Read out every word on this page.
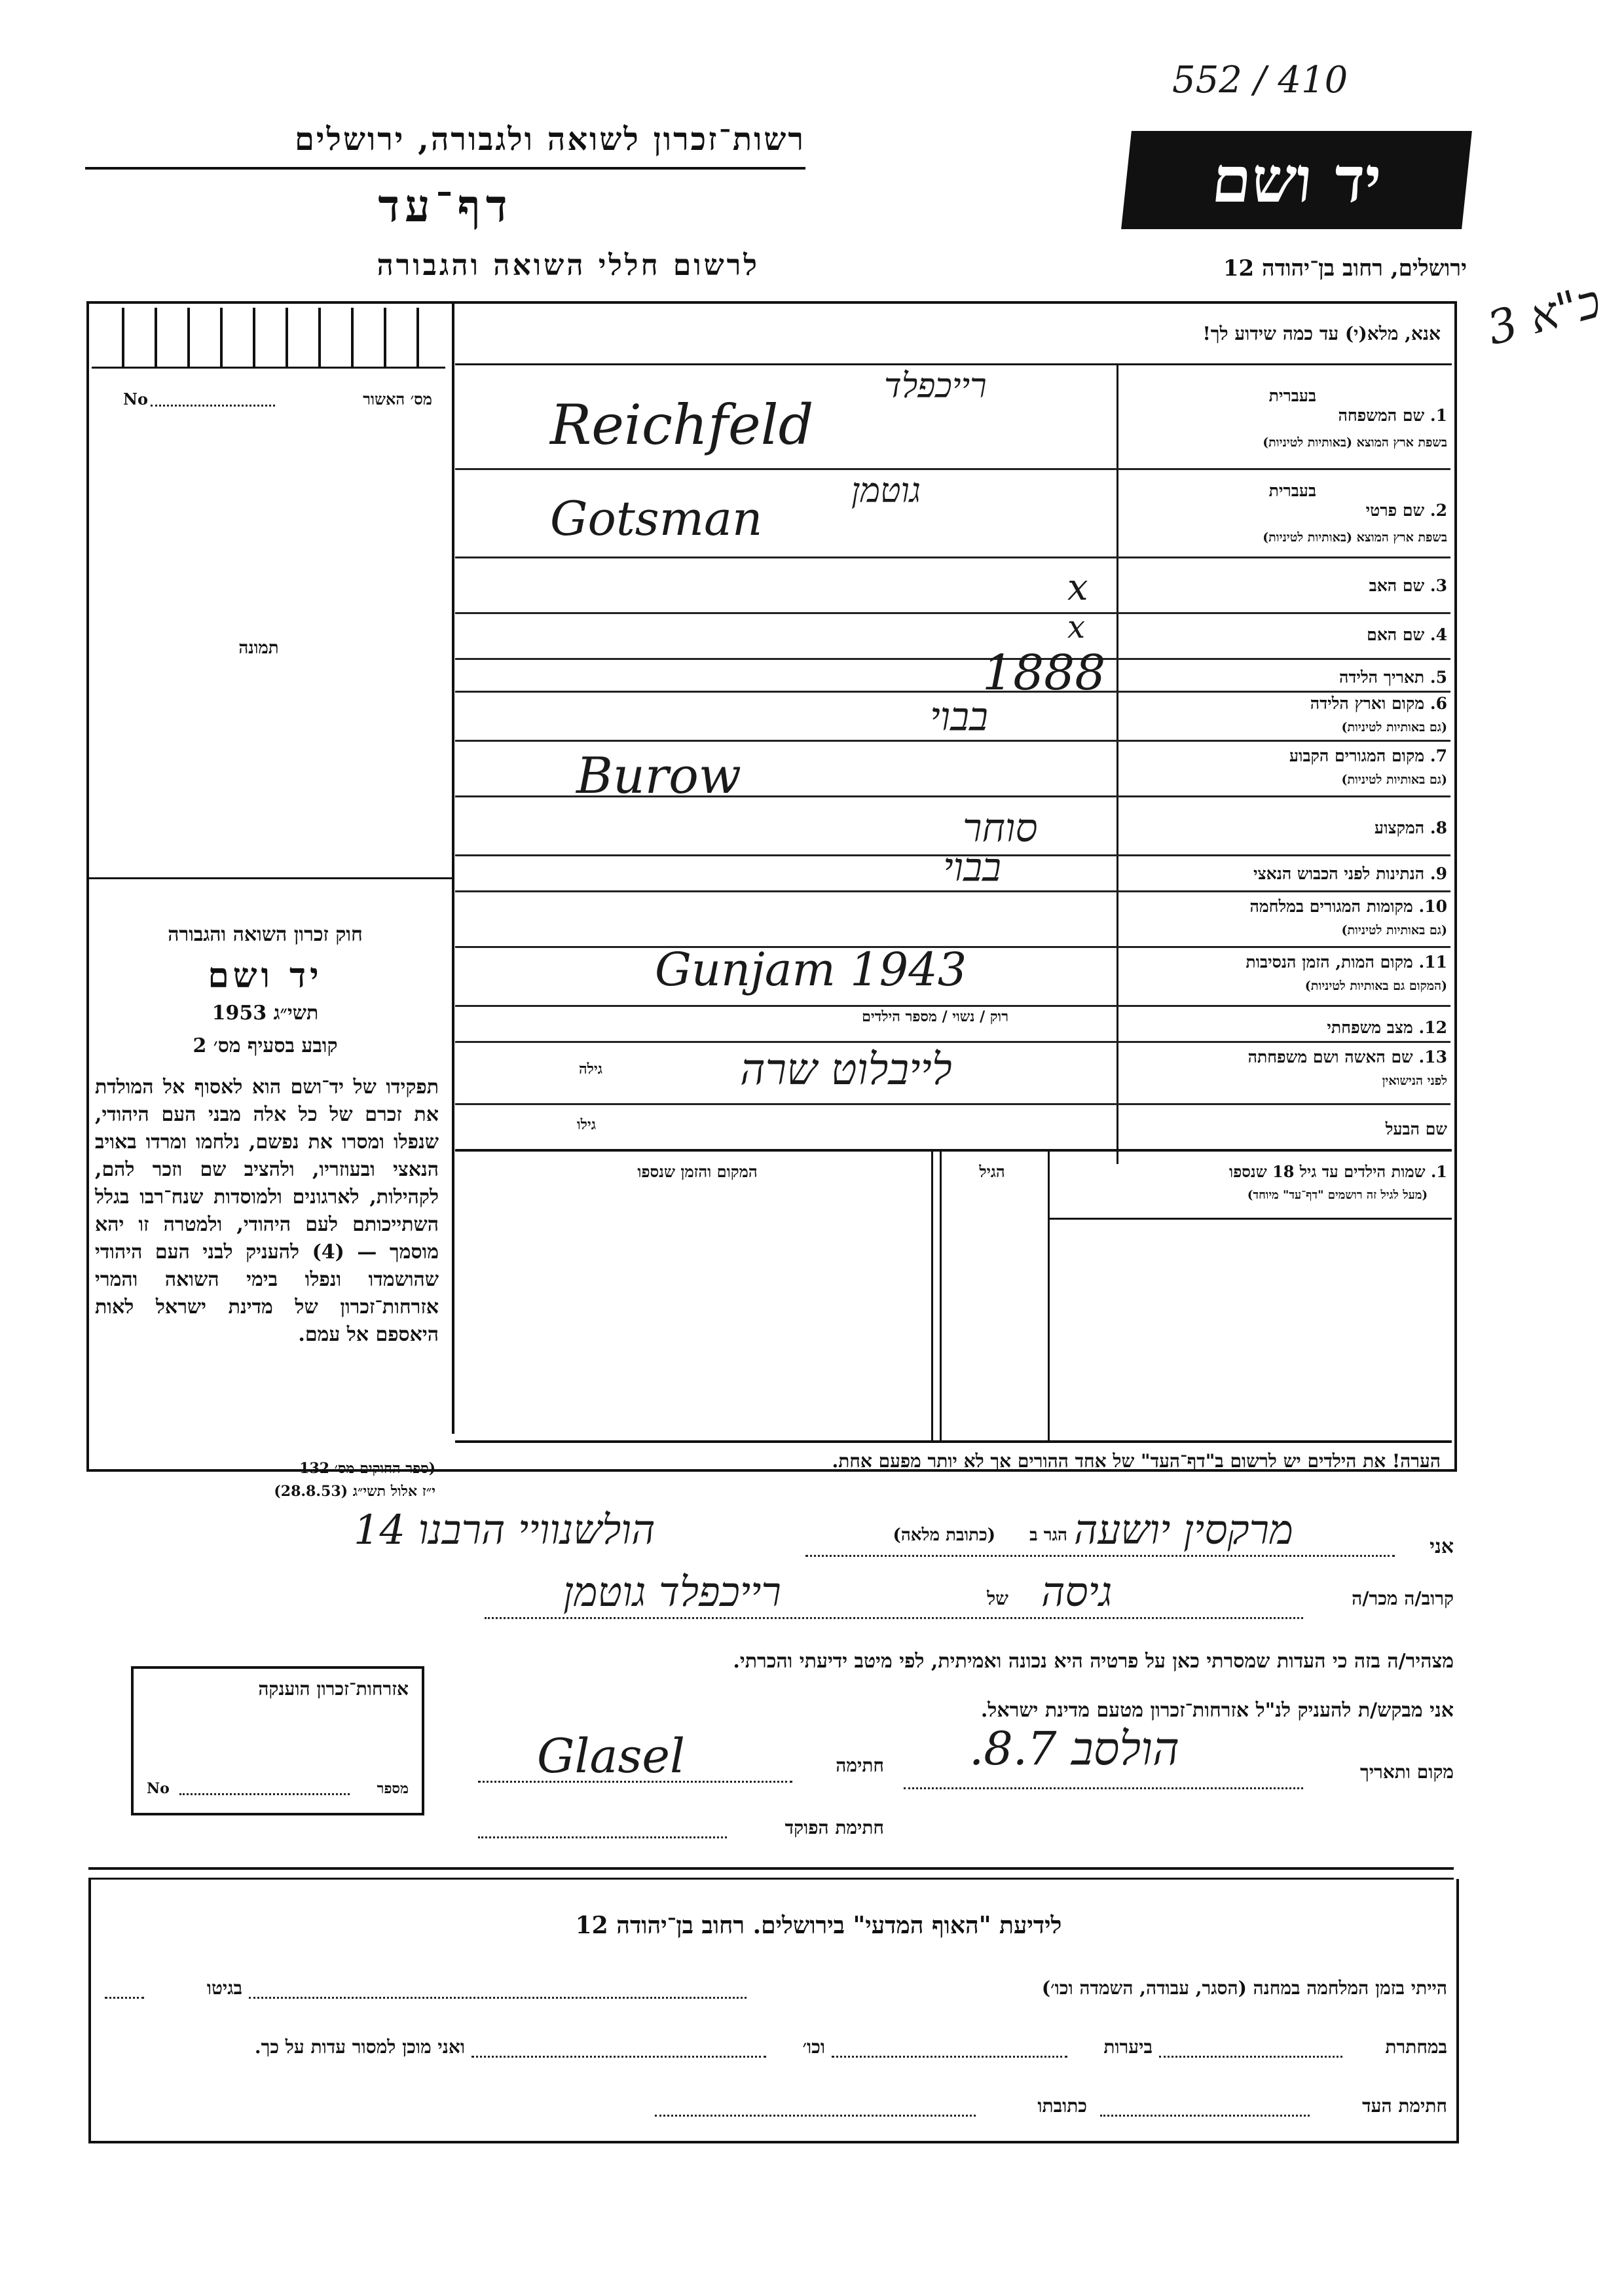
552 / 410
רשות־זכרון לשואה ולגבורה, ירושלים
דף־עד
לרשום חללי השואה והגבורה
יד ושם
ירושלים, רחוב בן־יהודה 12
כ"א 3
מס׳ האשור
No
תמונה
אנא, מלא(י) עד כמה שידוע לך!
1. שם המשפחה
בשפת ארץ המוצא (באותיות לטיניות)
בעברית
רייכפלד
Reichfeld
2. שם פרטי
בשפת ארץ המוצא (באותיות לטיניות)
בעברית
גוטמן
Gotsman
3. שם האב
x
4. שם האם
x
5. תאריך הלידה
1888
6. מקום וארץ הלידה
(גם באותיות לטיניות)
בבוי
7. מקום המגורים הקבוע
(גם באותיות לטיניות)
Burow
8. המקצוע
סוחר
9. הנתינות לפני הכבוש הנאצי
בבוי
10. מקומות המגורים במלחמה
(גם באותיות לטיניות)
11. מקום המות, הזמן הנסיבות
(המקום גם באותיות לטיניות)
Gunjam 1943
12. מצב משפחתי
רוק / נשוי / מספר הילדים
13. שם האשה ושם משפחתה
לפני הנישואין
גילה	לייבלוט שרה
שם הבעל
גילו
1. שמות הילדים עד גיל 18 שנספו
(מעל לגיל זה רושמים "דף־עד" מיוחד)
הגיל
המקום והזמן שנספו
חוק זכרון השואה והגבורה
יד ושם
תשי״ג 1953
קובע בסעיף מס׳ 2
תפקידו של יד־ושם הוא לאסוף אל המולדת את זכרם של כל אלה מבני העם היהודי, שנפלו ומסרו את נפשם, נלחמו ומרדו באויב הנאצי ובעוזריו, ולהציב שם וזכר להם, לקהילות, לארגונים ולמוסדות שנח־רבו בגלל השתייכותם לעם היהודי, ולמטרה זו יהא מוסמך — (4) להעניק לבני העם היהודי שהושמדו ונפלו בימי השואה והמרי אזרחות־זכרון של מדינת ישראל לאות היאספם אל עמם.
(ספר החוקים מס׳ 132
י״ז אלול תשי״ג (28.8.53)
הערה! את הילדים יש לרשום ב"דף־העד" של אחד ההורים אך לא יותר מפעם אחת.
אני
מרקסין יושעה
הגר ב
(כתובת מלאה)
הולשנוויי הרבנו 14
קרוב/ה מכר/ה
גיסה
של
רייכפלד גוטמן
מצהיר/ה בזה כי העדות שמסרתי כאן על פרטיה היא נכונה ואמיתית, לפי מיטב ידיעתי והכרתי.
אני מבקש/ת להעניק לנ"ל אזרחות־זכרון מטעם מדינת ישראל.
מקום ותאריך
הולסב 8.7.
חתימה
Glasel
חתימת הפוקד
אזרחות־זכרון הוענקה
מספר
No
לידיעת "האוף המדעי" בירושלים. רחוב בן־יהודה 12
הייתי בזמן המלחמה במחנה (הסגר, עבודה, השמדה וכו׳)
בגיטו
במחתרת
ביערות
וכו׳
ואני מוכן למסור עדות על כך.
חתימת העד
כתובתו
